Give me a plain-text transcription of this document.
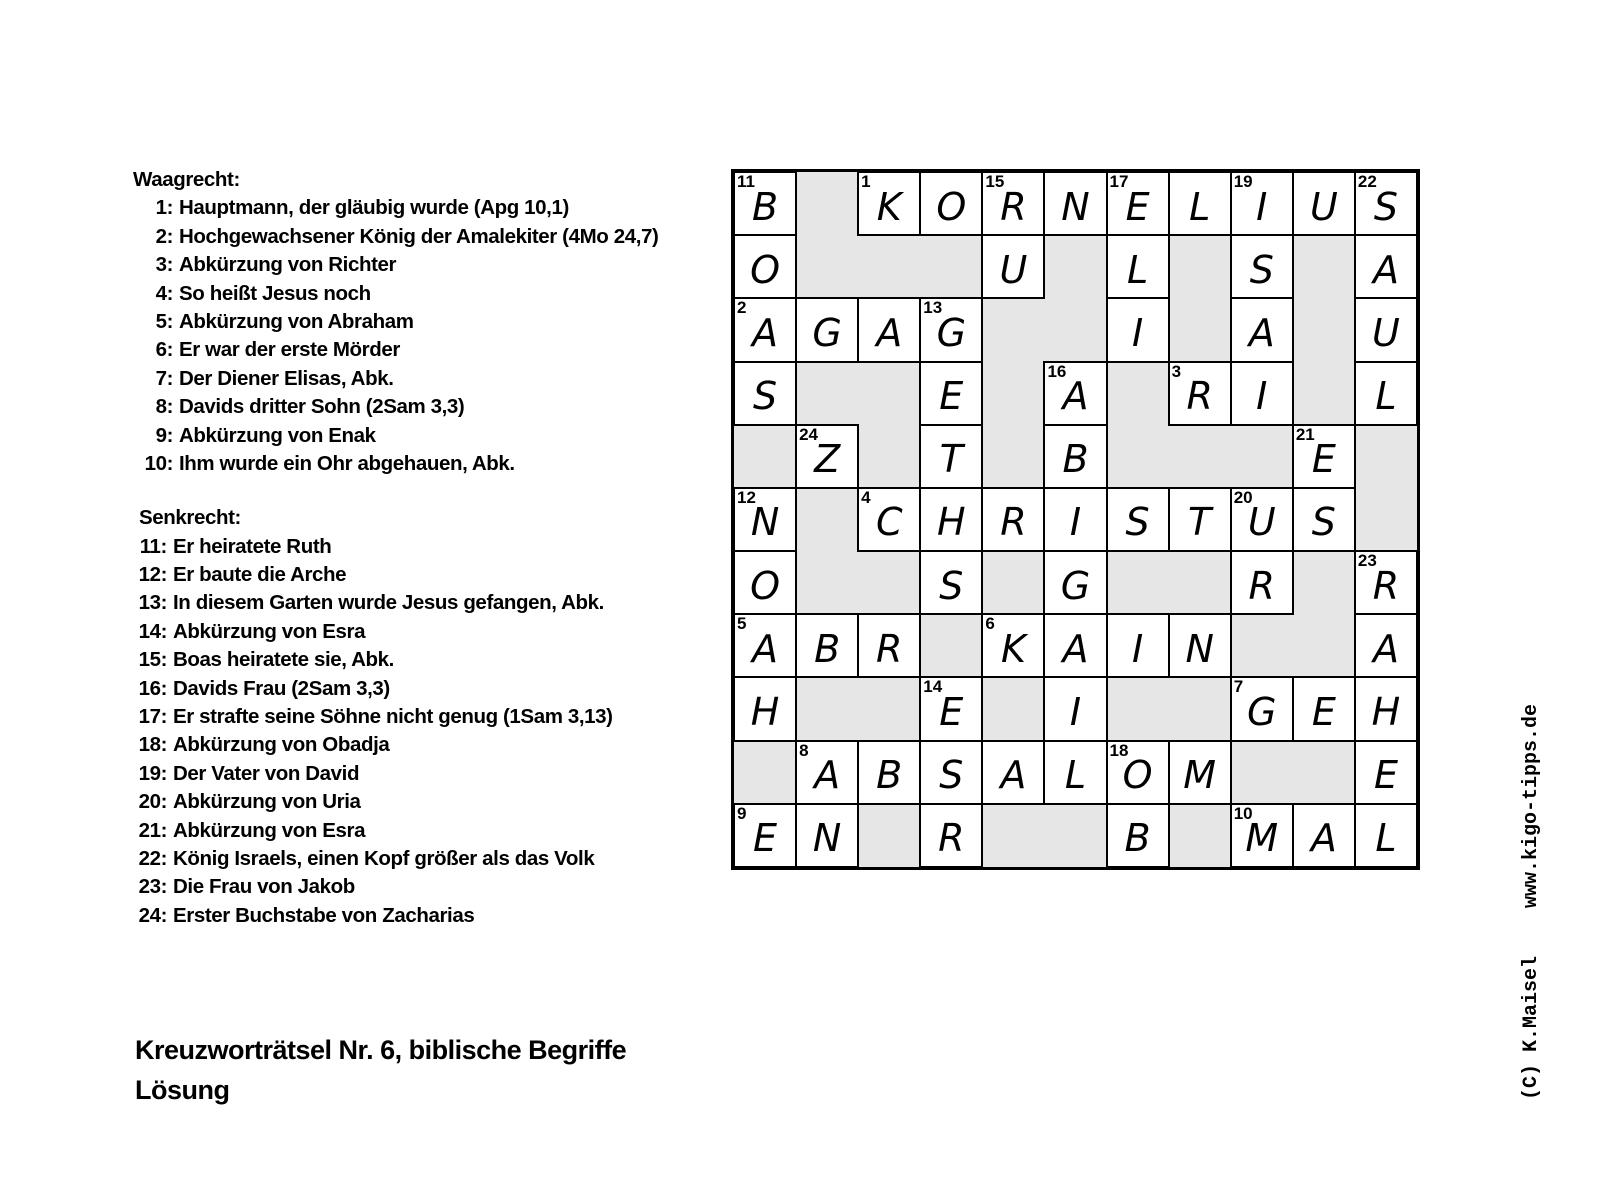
Waagrecht:
1: Hauptmann, der gläubig wurde (Apg 10,1)
2: Hochgewachsener König der Amalekiter (4Mo 24,7)
3: Abkürzung von Richter
4: So heißt Jesus noch
5: Abkürzung von Abraham
6: Er war der erste Mörder
7: Der Diener Elisas, Abk.
8: Davids dritter Sohn (2Sam 3,3)
9: Abkürzung von Enak
10: Ihm wurde ein Ohr abgehauen, Abk.
Senkrecht:
11: Er heiratete Ruth
12: Er baute die Arche
13: In diesem Garten wurde Jesus gefangen, Abk.
14: Abkürzung von Esra
15: Boas heiratete sie, Abk.
16: Davids Frau (2Sam 3,3)
17: Er strafte seine Söhne nicht genug (1Sam 3,13)
18: Abkürzung von Obadja
19: Der Vater von David
20: Abkürzung von Uria
21: Abkürzung von Esra
22: König Israels, einen Kopf größer als das Volk
23: Die Frau von Jakob
24: Erster Buchstabe von Zacharias
11
B
1
K O
15
R N
17
E	L
19
I	U
22
S
O	U	L	S	A
2
A G A
13
G	I	A	U
S	E
16
A
3
R	I	L
24
Z	T	B
21
E
12
N
4
C H R	I	S	T
20
U S
O	S	G	R
23
R
5
A B R
6
K A	I	N	A
H
14
E	I
7
G E H
8
A B S A	L
18
O M	E
9
E N	R	B
10
M A	L
Kreuzworträtsel Nr. 6, biblische Begriffe
Lösung	(C) K.Maisel    www.kigo-tipps.de
